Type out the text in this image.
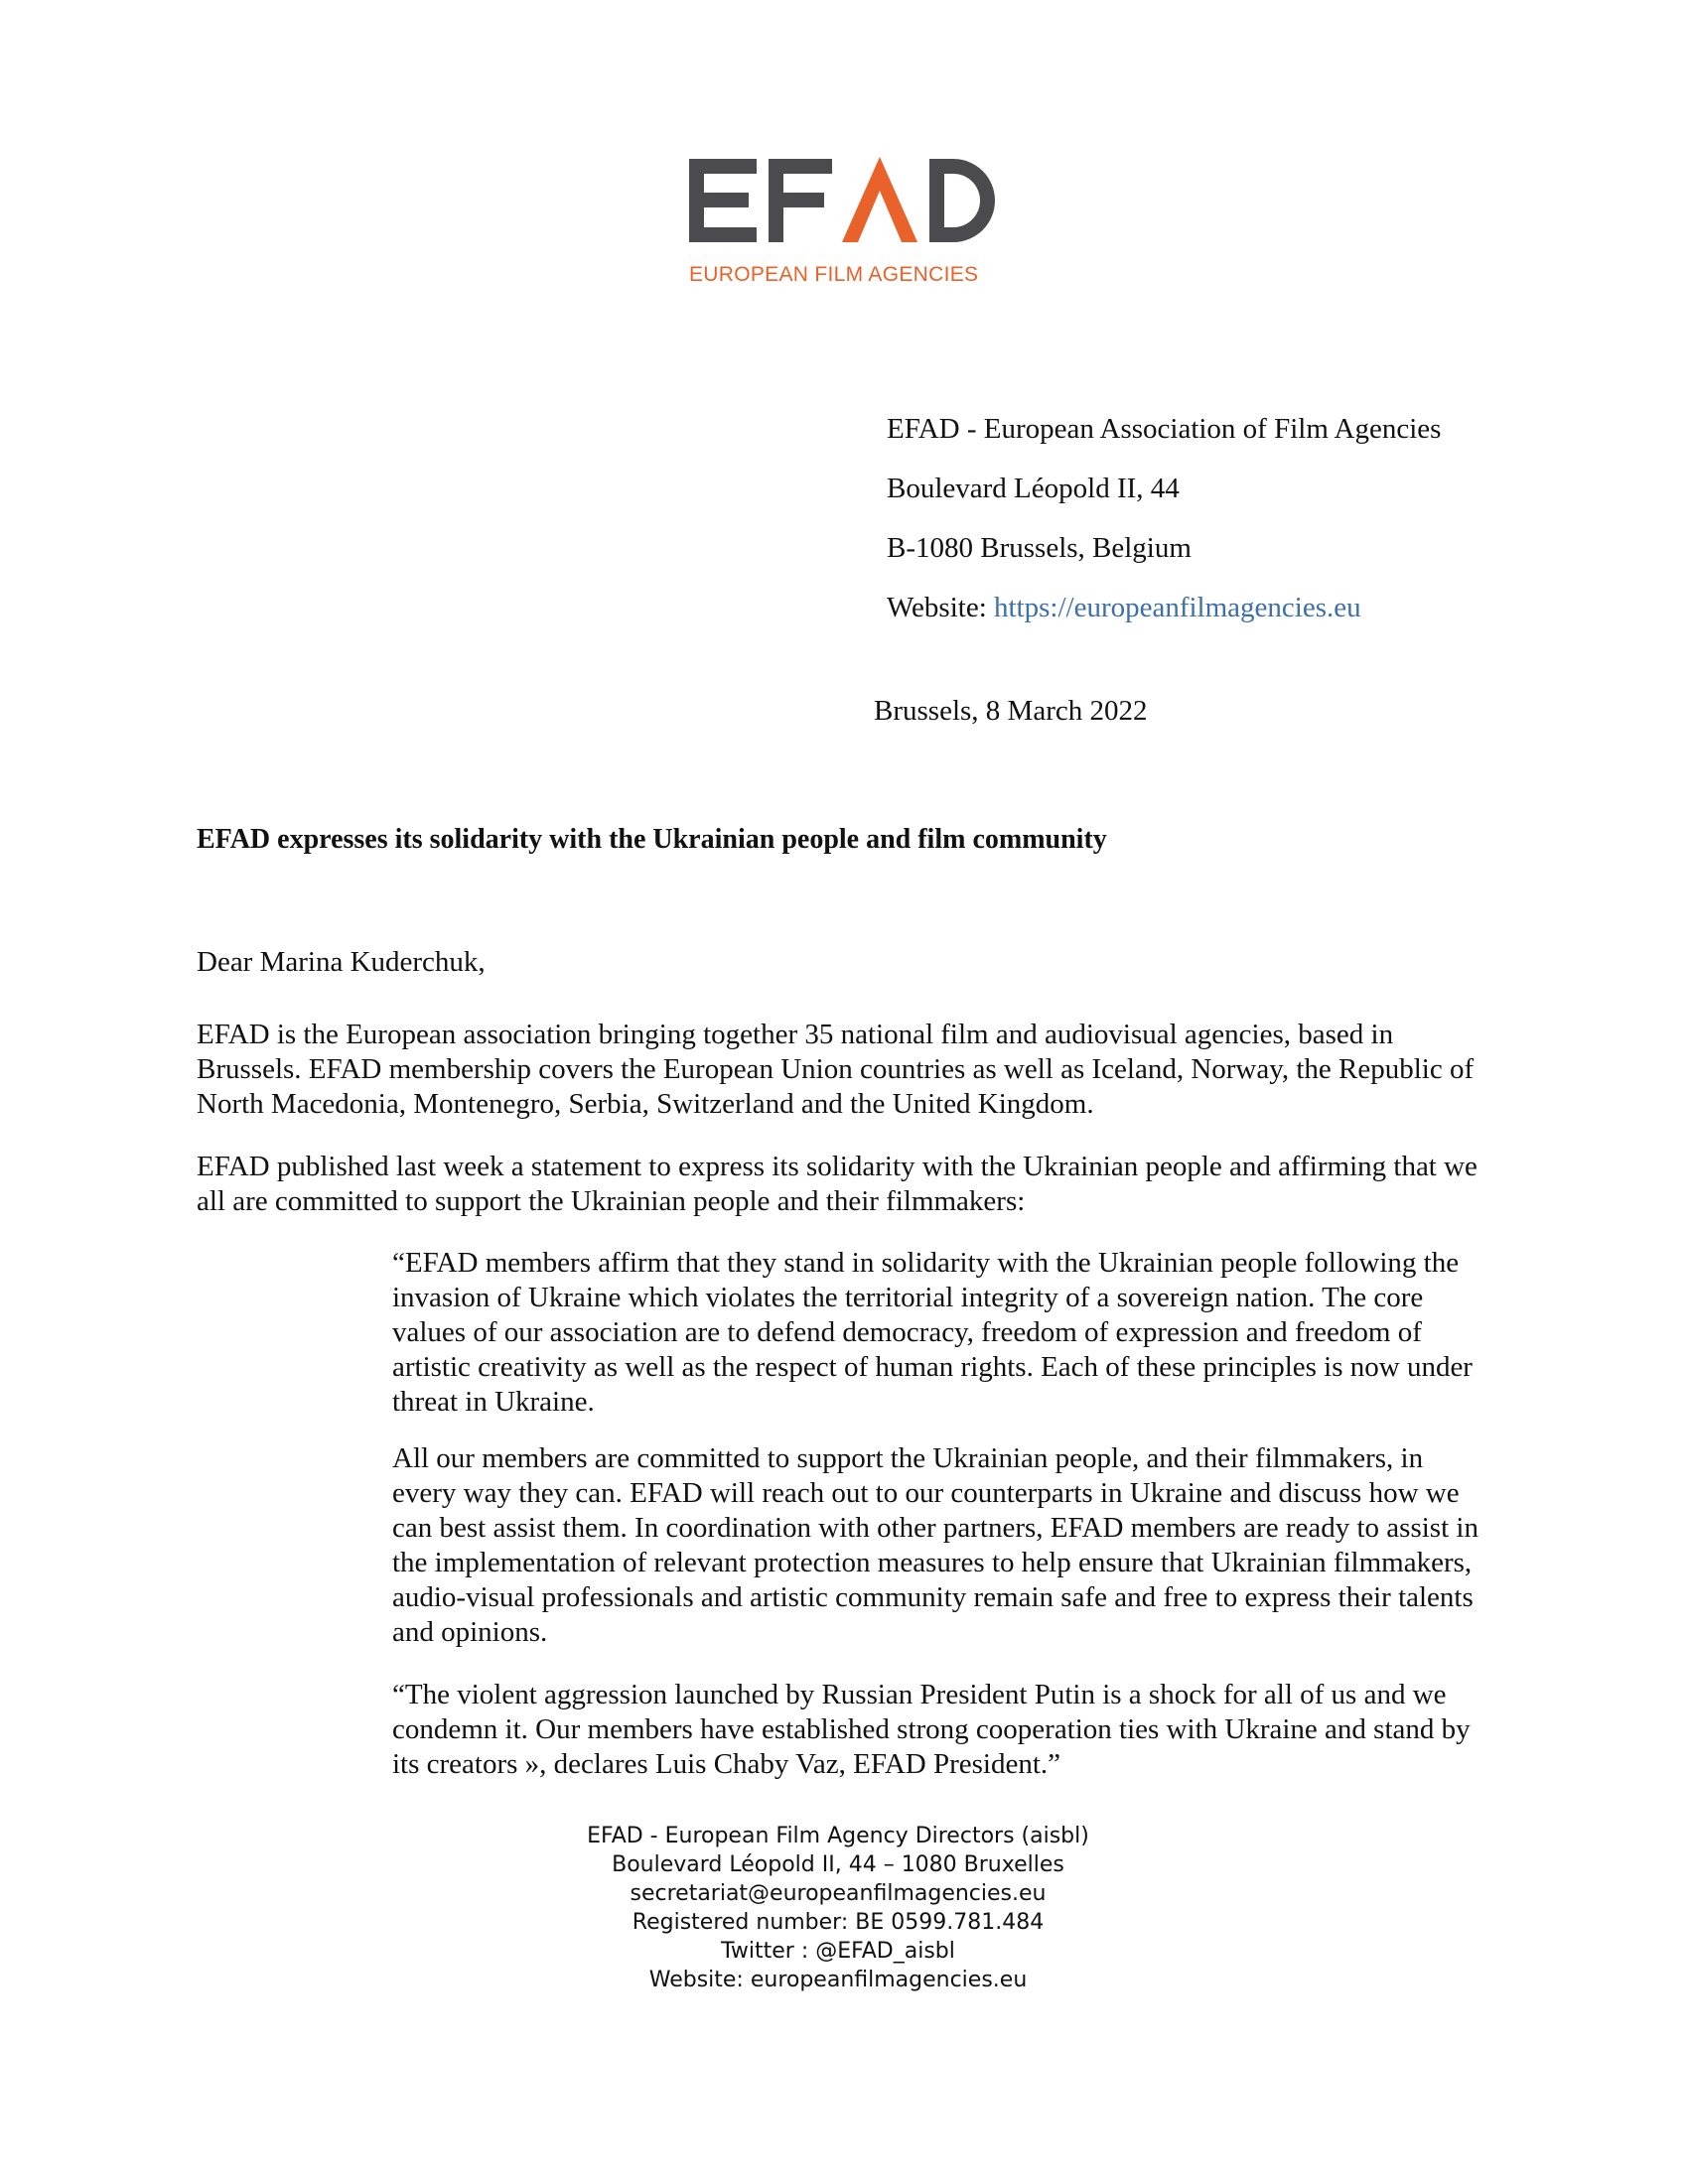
EUROPEAN FILM AGENCIES
EFAD - European Association of Film Agencies
Boulevard Léopold II, 44
B-1080 Brussels, Belgium
Website: https://europeanfilmagencies.eu
Brussels, 8 March 2022
EFAD expresses its solidarity with the Ukrainian people and film community
Dear Marina Kuderchuk,

EFAD is the European association bringing together 35 national film and audiovisual agencies, based in Brussels. EFAD membership covers the European Union countries as well as Iceland, Norway, the Republic of North Macedonia, Montenegro, Serbia, Switzerland and the United Kingdom.

EFAD published last week a statement to express its solidarity with the Ukrainian people and affirming that we all are committed to support the Ukrainian people and their filmmakers:

“EFAD members affirm that they stand in solidarity with the Ukrainian people following the invasion of Ukraine which violates the territorial integrity of a sovereign nation. The core values of our association are to defend democracy, freedom of expression and freedom of artistic creativity as well as the respect of human rights. Each of these principles is now under threat in Ukraine.

All our members are committed to support the Ukrainian people, and their filmmakers, in every way they can. EFAD will reach out to our counterparts in Ukraine and discuss how we can best assist them. In coordination with other partners, EFAD members are ready to assist in the implementation of relevant protection measures to help ensure that Ukrainian filmmakers, audio-visual professionals and artistic community remain safe and free to express their talents and opinions.

“The violent aggression launched by Russian President Putin is a shock for all of us and we condemn it. Our members have established strong cooperation ties with Ukraine and stand by its creators », declares Luis Chaby Vaz, EFAD President.”

EFAD - European Film Agency Directors (aisbl)
Boulevard Léopold II, 44 – 1080 Bruxelles
secretariat@europeanfilmagencies.eu
Registered number: BE 0599.781.484
Twitter : @EFAD_aisbl
Website: europeanfilmagencies.eu
